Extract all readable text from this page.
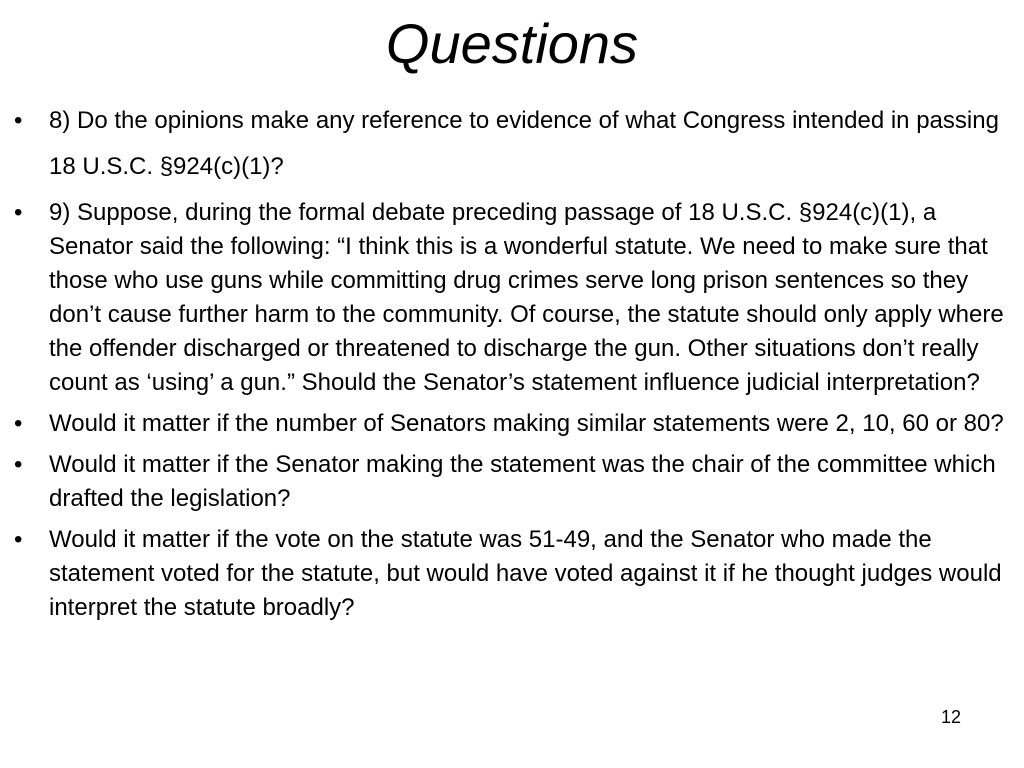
Questions
•	8) Do the opinions make any reference to evidence of what Congress intended in passing 18 U.S.C. §924(c)(1)?
•	9) Suppose, during the formal debate preceding passage of 18 U.S.C. §924(c)(1), a Senator said the following: “I think this is a wonderful statute. We need to make sure that those who use guns while committing drug crimes serve long prison sentences so they don’t cause further harm to the community. Of course, the statute should only apply where the offender discharged or threatened to discharge the gun. Other situations don’t really count as ‘using’ a gun.” Should the Senator’s statement influence judicial interpretation?
•	Would it matter if the number of Senators making similar statements were 2, 10, 60 or 80?
•	Would it matter if the Senator making the statement was the chair of the committee which drafted the legislation?
•	Would it matter if the vote on the statute was 51-49, and the Senator who made the statement voted for the statute, but would have voted against it if he thought judges would interpret the statute broadly?
12
